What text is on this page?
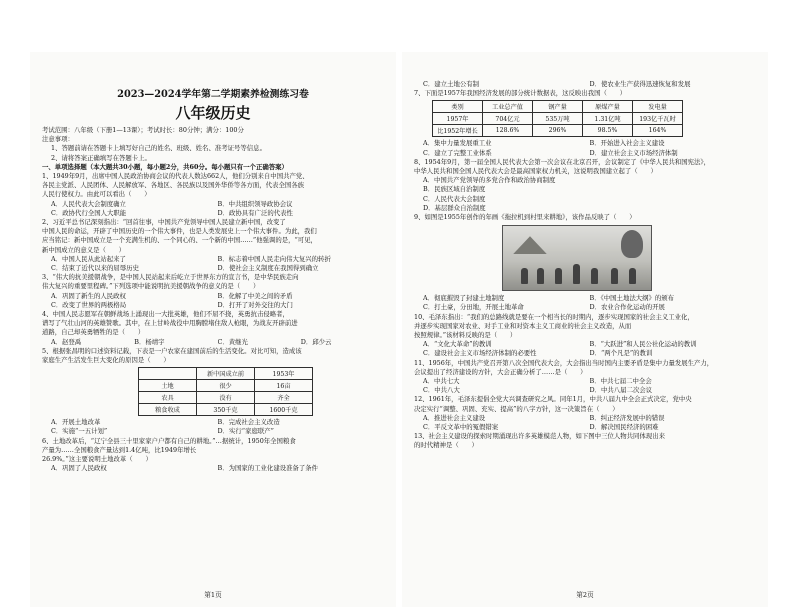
2023—2024学年第二学期素养检测练习卷
八年级历史
考试范围：八年级（下册1—13课）；考试时长：80分钟；满分：100分
注意事项：
1、答题前请在答题卡上填写好自己的姓名、班级、姓名、准考证号等信息。
2、请将答案正确填写在答题卡上。
一、单项选择题（本大题共30小题，每小题2分，共60分。每小题只有一个正确答案）
1、1949年9月，出席中国人民政治协商会议的代表人数达662人，他们分别来自中国共产党、
各民主党派、人民团体、人民解放军、各地区、各民族以及国外华侨等各方面，代表全国各族
人民行使权力。由此可以看出（　　）
A．人民代表大会制度确立	B．中共组织领导政协会议
C．政协代行全国人大职能	D．政协具有广泛的代表性
2、习近平总书记深刻指出：“回首往事，中国共产党领导中国人民建立新中国，改变了
中国人民的命运，开辟了中国历史的一个伟大事件，也是人类发展史上一个伟大事件。为此，我们
应当铭记：新中国成立是一个充满生机的、一个同心的、一个新的中国……”他强调的是，“可见，
新中国成立的意义是（　　）
A．中国人民从此站起来了	B．标志着中国人民走向伟大复兴的转折
C．结束了近代以来的屈辱历史	D．使社会主义制度在我国得到确立
3、“伟大的抗美援朝战争，是中国人民站起来后屹立于世界东方的宣言书，是中华民族走向
伟大复兴的重要里程碑。”下列选项中能说明抗美援朝战争的意义的是（　　）
A．巩固了新生的人民政权	B．化解了中美之间的矛盾
C．改变了世界的两极格局	D．打开了对外交往的大门
4、中国人民志愿军在朝鲜战场上涌现出一大批英雄，他们不屈不挠，英勇抗击侵略者，
谱写了气壮山河的英雄赞歌。其中，在上甘岭战役中用胸膛堵住敌人枪眼，为战友开辟前进
道路，自己却英勇牺牲的是（　　）
A．赵登禹	B．杨靖宇	C．黄继光	D．邱少云
5、根据张昌明的口述资料记载，下表是一户农家在建国前后的生活变化。对比可知，造成该
家庭生产生活发生巨大变化的原因是（　　）
	新中国成立前	1953年
土地	很少	16亩
农具	没有	齐全
粮食收成	350千克	1600千克
A．开展土地改革	B．完成社会主义改造
C．实施“一五计划”	D．实行“家庭联产”
6、土地改革后，“辽宁全县三十里家家户户都有自己的耕地。”…据统计，1950年全国粮食
产量为……全国粮食产量达到1.4亿吨，比1949年增长
26.9%。”这主要说明土地改革（　　）
A．巩固了人民政权	B．为国家的工业化建设准备了条件
第1页
C．建立土地公有制	D．使农业生产获得迅速恢复和发展
7、下面是1957年我国经济发展的部分统计数据表，这反映出我国（　　）
类别	工业总产值	钢产量	原煤产量	发电量
1957年	704亿元	535万吨	1.31亿吨	193亿千瓦时
比1952年增长	128.6%	296%	98.5%	164%
A．集中力量发展重工业	B．开始进入社会主义建设
C．建立了完整工业体系	D．建立社会主义市场经济体制
8、1954年9月，第一届全国人民代表大会第一次会议在北京召开，会议制定了《中华人民共和国宪法》，
中华人民共和国全国人民代表大会是最高国家权力机关，这说明我国建立起了（　　）
A．中国共产党领导的多党合作和政治协商制度
B．民族区域自治制度
C．人民代表大会制度
D．基层群众自治制度
9、如图是1955年创作的年画《拖拉机到村里来耕地》，该作品反映了（　　）
A．彻底摧毁了封建土地制度	B．《中国土地法大纲》的颁布
C．打土豪，分田地，开展土地革命	D．农业合作化运动的开展
10、毛泽东指出：“我们的总路线就是要在一个相当长的时期内，逐步实现国家的社会主义工业化，
并逐步实现国家对农业、对手工业和对资本主义工商业的社会主义改造，从而
按照规律。”该材料反映的是（　　）
A．“文化大革命”的教训	B．“大跃进”和人民公社化运动的教训
C．建设社会主义市场经济体制的必要性	D．“两个凡是”的教训
11、1956年，中国共产党召开第八次全国代表大会，大会指出当时国内主要矛盾是集中力量发展生产力，
会议提出了经济建设的方针，大会正确分析了……是（　　）
A．中共七大	B．中共七届二中全会
C．中共八大	D．中共八届二次会议
12、1961年，毛泽东提倡全党大兴调查研究之风。同年1月，中共八届九中全会正式决定，党中央
决定实行“调整、巩固、充实、提高”的八字方针，这一决策旨在（　　）
A．推进社会主义建设	B．纠正经济发展中的错误
C．平反文革中的冤假错案	D．解决国民经济的困难
13、社会主义建设的探索时期涌现出许多英雄模范人物，如下图中三位人物共同体现出来
的时代精神是（　　）
第2页
